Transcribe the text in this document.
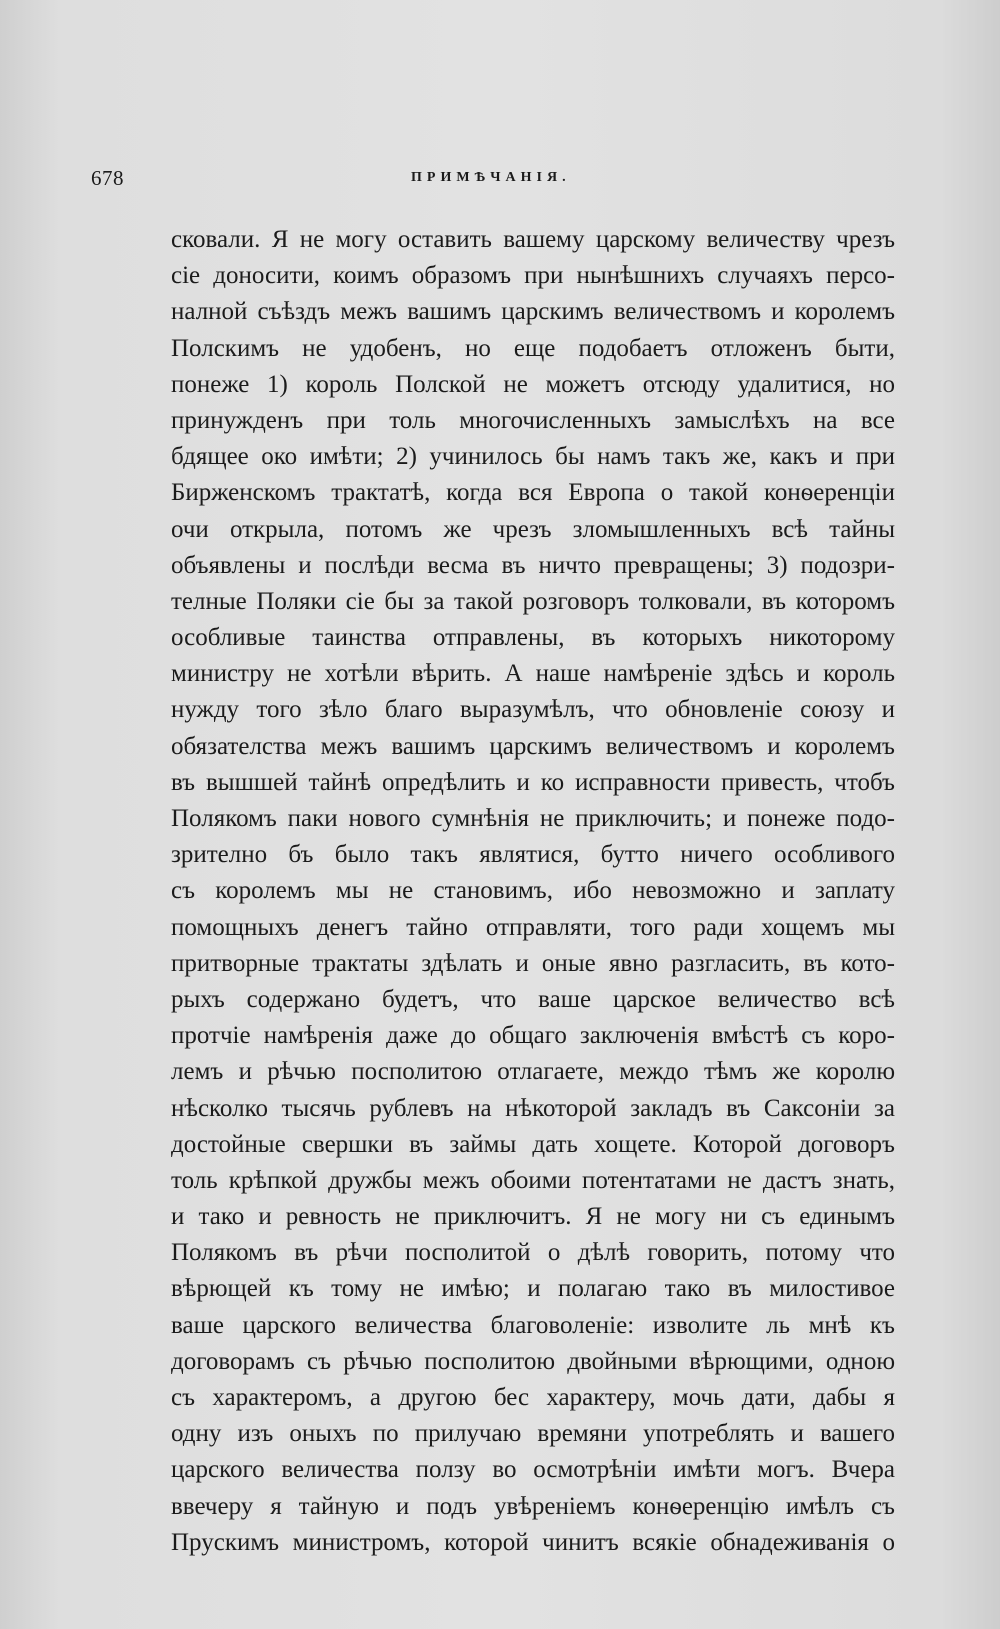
678	ПРИМѢЧАНІЯ.
сковали. Я не могу оставить вашему царскому величеству чрезъ
сіе доносити, коимъ образомъ при нынѣшнихъ случаяхъ персо-
налной съѣздъ межъ вашимъ царскимъ величествомъ и королемъ
Полскимъ не удобенъ, но еще подобаетъ отложенъ быти,
понеже 1) король Полской не можетъ отсюду удалитися, но
принужденъ при толь многочисленныхъ замыслѣхъ на все
бдящее око имѣти; 2) учинилось бы намъ такъ же, какъ и при
Бирженскомъ трактатѣ, когда вся Европа о такой конѳеренціи
очи открыла, потомъ же чрезъ зломышленныхъ всѣ тайны
объявлены и послѣди весма въ ничто превращены; 3) подозри-
телные Поляки сіе бы за такой розговоръ толковали, въ которомъ
особливые таинства отправлены, въ которыхъ никоторому
министру не хотѣли вѣрить. А наше намѣреніе здѣсь и король
нужду того зѣло благо выразумѣлъ, что обновленіе союзу и
обязателства межъ вашимъ царскимъ величествомъ и королемъ
въ вышшей тайнѣ опредѣлить и ко исправности привесть, чтобъ
Полякомъ паки нового сумнѣнія не приключить; и понеже подо-
зрително бъ было такъ являтися, бутто ничего особливого
съ королемъ мы не становимъ, ибо невозможно и заплату
помощныхъ денегъ тайно отправляти, того ради хощемъ мы
притворные трактаты здѣлать и оные явно разгласить, въ кото-
рыхъ содержано будетъ, что ваше царское величество всѣ
протчіе намѣренія даже до общаго заключенія вмѣстѣ съ коро-
лемъ и рѣчью посполитою отлагаете, междо тѣмъ же королю
нѣсколко тысячь рублевъ на нѣкоторой закладъ въ Саксоніи за
достойные свершки въ займы дать хощете. Которой договоръ
толь крѣпкой дружбы межъ обоими потентатами не дастъ знать,
и тако и ревность не приключитъ. Я не могу ни съ единымъ
Полякомъ въ рѣчи посполитой о дѣлѣ говорить, потому что
вѣрющей къ тому не имѣю; и полагаю тако въ милостивое
ваше царского величества благоволеніе: изволите ль мнѣ къ
договорамъ съ рѣчью посполитою двойными вѣрющими, одною
съ характеромъ, а другою бес характеру, мочь дати, дабы я
одну изъ оныхъ по прилучаю времяни употреблять и вашего
царского величества ползу во осмотрѣніи имѣти могъ. Вчера
ввечеру я тайную и подъ увѣреніемъ конѳеренцію имѣлъ съ
Прускимъ министромъ, которой чинитъ всякіе обнадеживанія о
